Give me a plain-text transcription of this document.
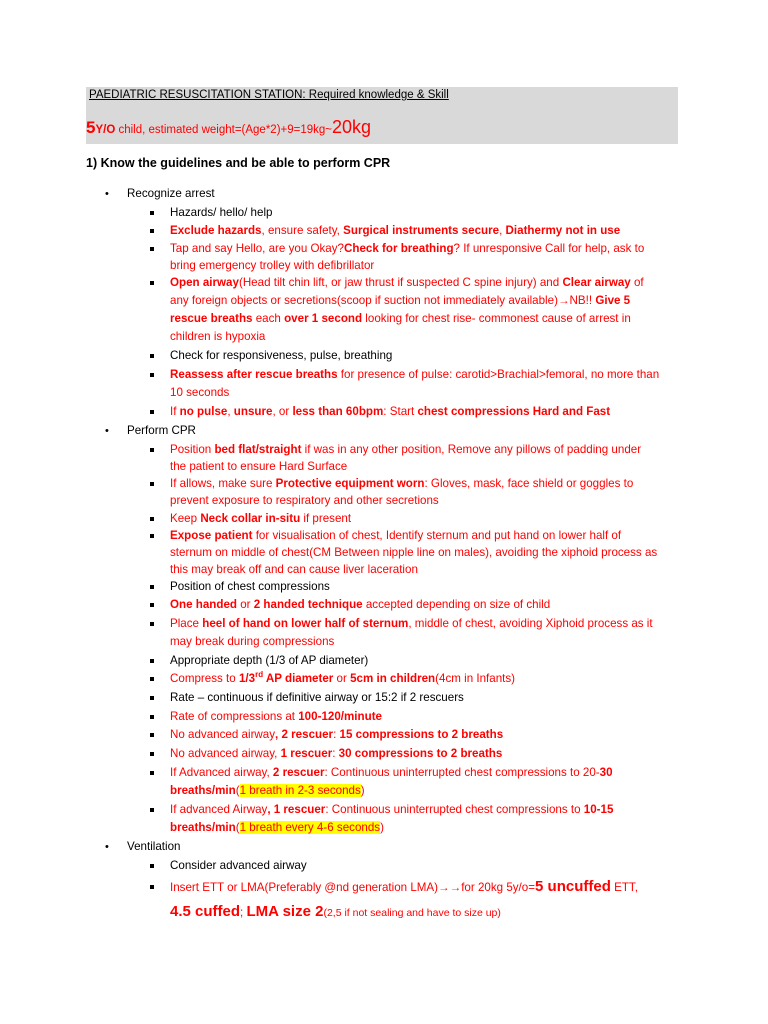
PAEDIATRIC RESUSCITATION STATION: Required knowledge & Skill
5Y/O child, estimated weight=(Age*2)+9=19kg~20kg
1) Know the guidelines and be able to perform CPR
• Recognize arrest
Hazards/ hello/ help
Exclude hazards, ensure safety, Surgical instruments secure, Diathermy not in use
Tap and say Hello, are you Okay?Check for breathing? If unresponsive Call for help, ask to
bring emergency trolley with defibrillator
Open airway(Head tilt chin lift, or jaw thrust if suspected C spine injury) and Clear airway of
any foreign objects or secretions(scoop if suction not immediately available)→NB!! Give 5
rescue breaths each over 1 second looking for chest rise- commonest cause of arrest in
children is hypoxia
Check for responsiveness, pulse, breathing
Reassess after rescue breaths for presence of pulse: carotid>Brachial>femoral, no more than
10 seconds
If no pulse, unsure, or less than 60bpm: Start chest compressions Hard and Fast
• Perform CPR
Position bed flat/straight if was in any other position, Remove any pillows of padding under
the patient to ensure Hard Surface
If allows, make sure Protective equipment worn: Gloves, mask, face shield or goggles to
prevent exposure to respiratory and other secretions
Keep Neck collar in-situ if present
Expose patient for visualisation of chest, Identify sternum and put hand on lower half of
sternum on middle of chest(CM Between nipple line on males), avoiding the xiphoid process as
this may break off and can cause liver laceration
Position of chest compressions
One handed or 2 handed technique accepted depending on size of child
Place heel of hand on lower half of sternum, middle of chest, avoiding Xiphoid process as it
may break during compressions
Appropriate depth (1/3 of AP diameter)
Compress to 1/3rd AP diameter or 5cm in children(4cm in Infants)
Rate – continuous if definitive airway or 15:2 if 2 rescuers
Rate of compressions at 100-120/minute
No advanced airway, 2 rescuer: 15 compressions to 2 breaths
No advanced airway, 1 rescuer: 30 compressions to 2 breaths
If Advanced airway, 2 rescuer: Continuous uninterrupted chest compressions to 20-30
breaths/min(1 breath in 2-3 seconds)
If advanced Airway, 1 rescuer: Continuous uninterrupted chest compressions to 10-15
breaths/min(1 breath every 4-6 seconds)
• Ventilation
Consider advanced airway
Insert ETT or LMA(Preferably @nd generation LMA)→→for 20kg 5y/o=5 uncuffed ETT,
4.5 cuffed; LMA size 2(2,5 if not sealing and have to size up)
